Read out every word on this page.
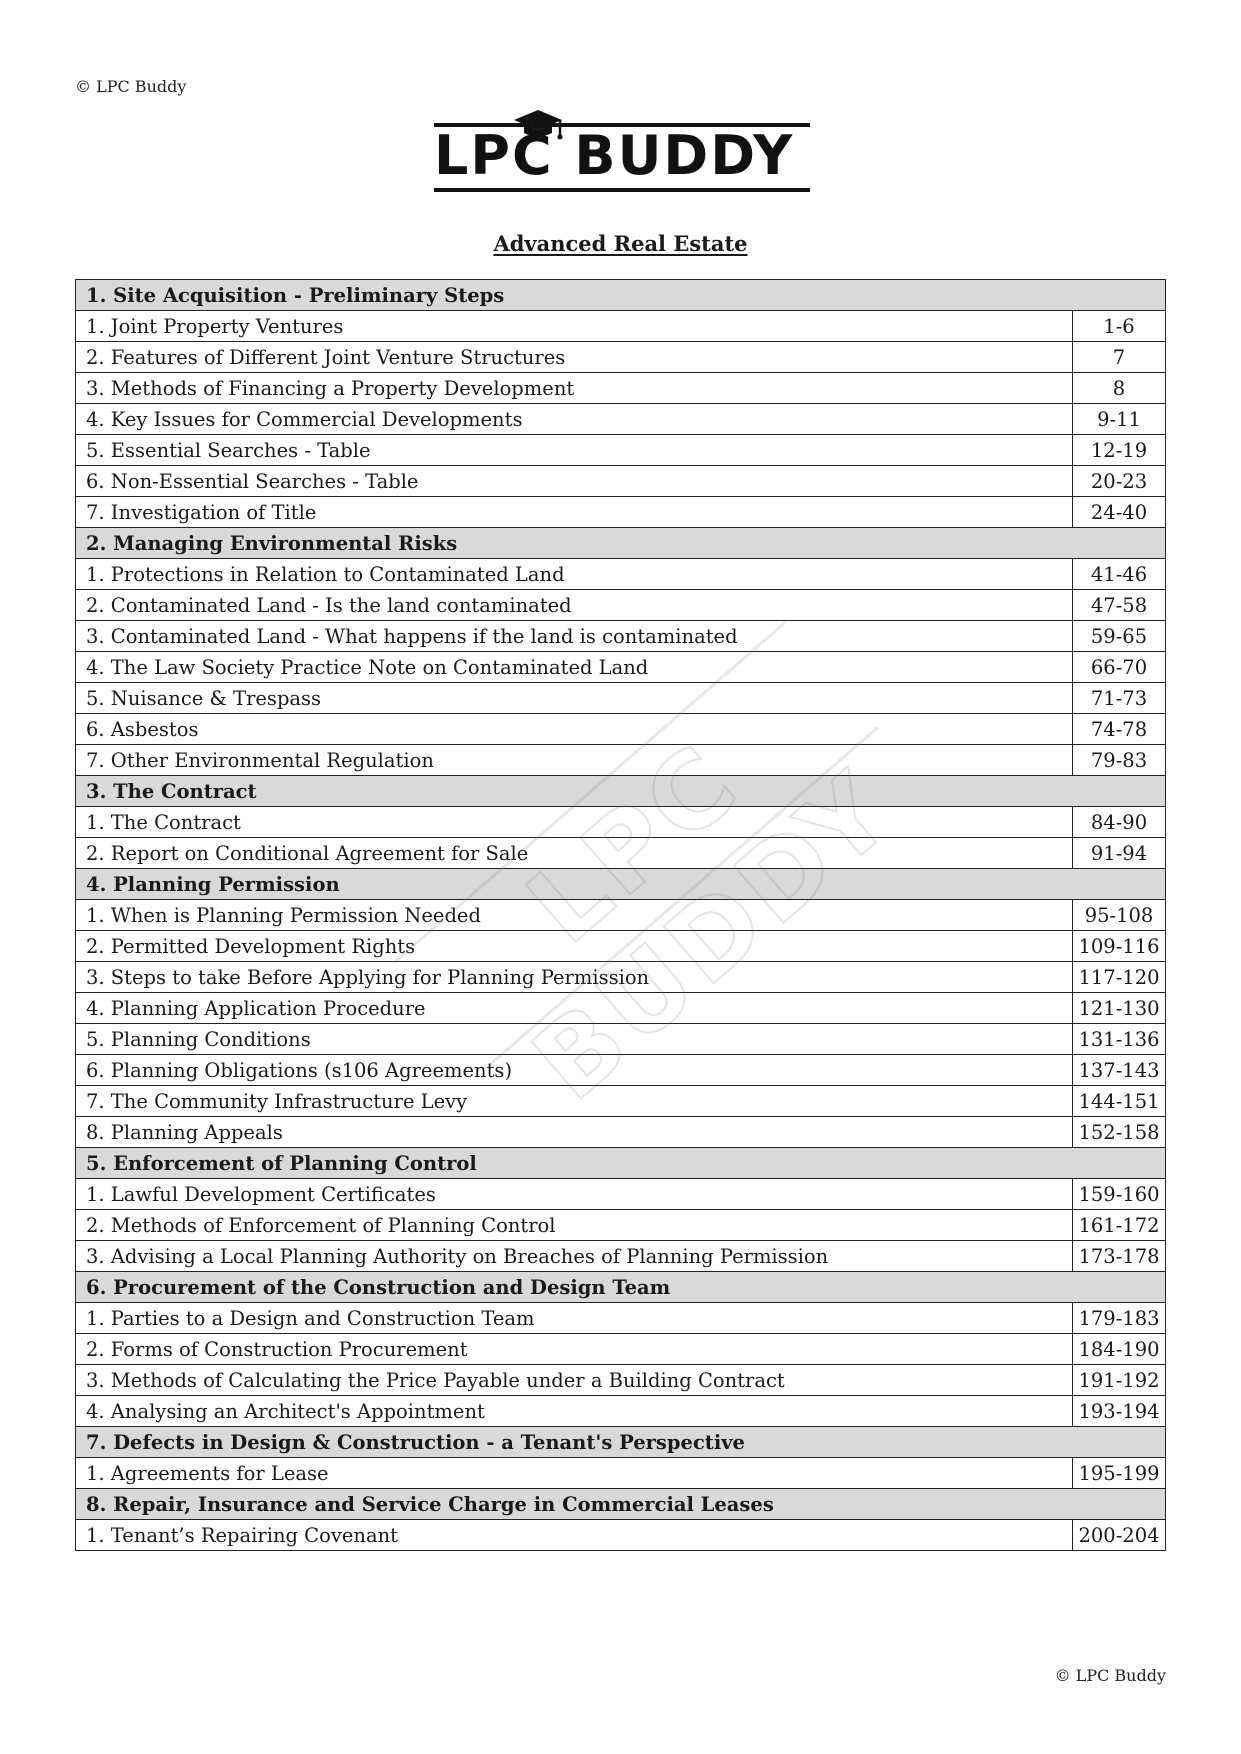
© LPC Buddy
LPC BUDDY
Advanced Real Estate
1. Site Acquisition - Preliminary Steps	
1. Joint Property Ventures	1-6
2. Features of Different Joint Venture Structures	7
3. Methods of Financing a Property Development	8
4. Key Issues for Commercial Developments	9-11
5. Essential Searches - Table	12-19
6. Non-Essential Searches - Table	20-23
7. Investigation of Title	24-40
2. Managing Environmental Risks	
1. Protections in Relation to Contaminated Land	41-46
2. Contaminated Land - Is the land contaminated	47-58
3. Contaminated Land - What happens if the land is contaminated	59-65
4. The Law Society Practice Note on Contaminated Land	66-70
5. Nuisance & Trespass	71-73
6. Asbestos	74-78
7. Other Environmental Regulation	79-83
3. The Contract	
1. The Contract	84-90
2. Report on Conditional Agreement for Sale	91-94
4. Planning Permission	
1. When is Planning Permission Needed	95-108
2. Permitted Development Rights	109-116
3. Steps to take Before Applying for Planning Permission	117-120
4. Planning Application Procedure	121-130
5. Planning Conditions	131-136
6. Planning Obligations (s106 Agreements)	137-143
7. The Community Infrastructure Levy	144-151
8. Planning Appeals	152-158
5. Enforcement of Planning Control	
1. Lawful Development Certificates	159-160
2. Methods of Enforcement of Planning Control	161-172
3. Advising a Local Planning Authority on Breaches of Planning Permission	173-178
6. Procurement of the Construction and Design Team	
1. Parties to a Design and Construction Team	179-183
2. Forms of Construction Procurement	184-190
3. Methods of Calculating the Price Payable under a Building Contract	191-192
4. Analysing an Architect's Appointment	193-194
7. Defects in Design & Construction - a Tenant's Perspective	
1. Agreements for Lease	195-199
8. Repair, Insurance and Service Charge in Commercial Leases	
1. Tenant’s Repairing Covenant	200-204
LPC BUDDY
© LPC Buddy
